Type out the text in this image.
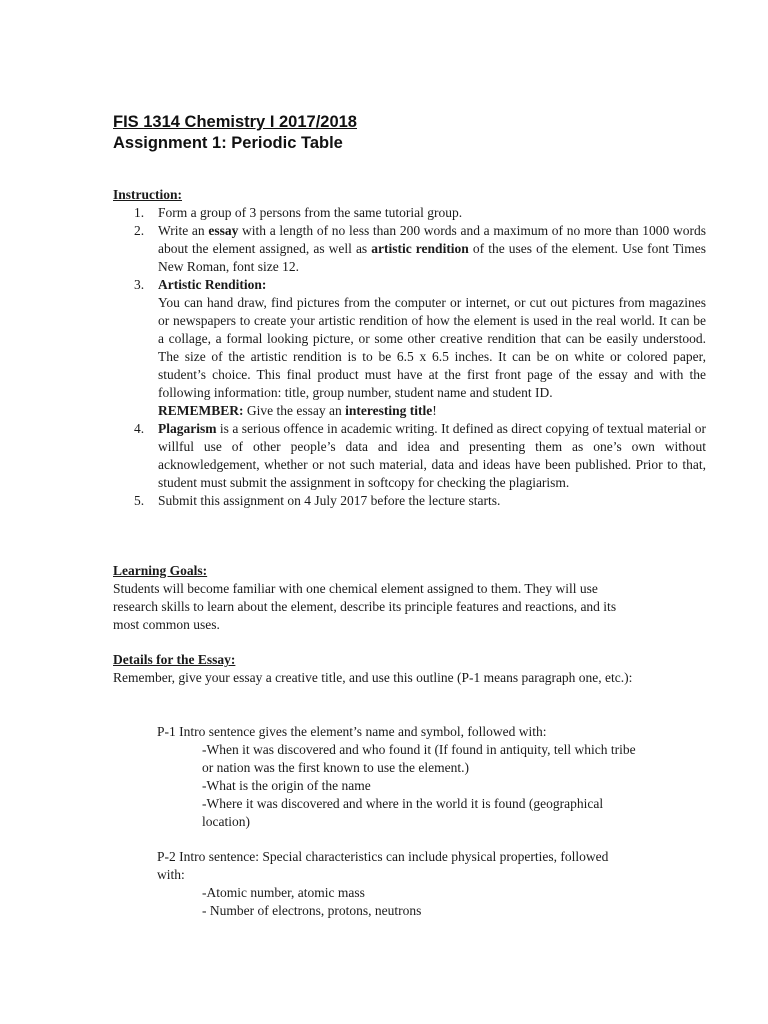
FIS 1314 Chemistry I 2017/2018
Assignment 1: Periodic Table
Instruction:
1. Form a group of 3 persons from the same tutorial group.
2. Write an essay with a length of no less than 200 words and a maximum of no more than 1000 words about the element assigned, as well as artistic rendition of the uses of the element. Use font Times New Roman, font size 12.
3. Artistic Rendition:
You can hand draw, find pictures from the computer or internet, or cut out pictures from magazines or newspapers to create your artistic rendition of how the element is used in the real world. It can be a collage, a formal looking picture, or some other creative rendition that can be easily understood. The size of the artistic rendition is to be 6.5 x 6.5 inches. It can be on white or colored paper, student’s choice. This final product must have at the first front page of the essay and with the following information: title, group number, student name and student ID.
REMEMBER: Give the essay an interesting title!
4. Plagarism is a serious offence in academic writing. It defined as direct copying of textual material or willful use of other people’s data and idea and presenting them as one’s own without acknowledgement, whether or not such material, data and ideas have been published. Prior to that, student must submit the assignment in softcopy for checking the plagiarism.
5. Submit this assignment on 4 July 2017 before the lecture starts.
Learning Goals:
Students will become familiar with one chemical element assigned to them. They will use research skills to learn about the element, describe its principle features and reactions, and its most common uses.
Details for the Essay:
Remember, give your essay a creative title, and use this outline (P-1 means paragraph one, etc.):
P-1 Intro sentence gives the element’s name and symbol, followed with:
-When it was discovered and who found it (If found in antiquity, tell which tribe or nation was the first known to use the element.)
-What is the origin of the name
-Where it was discovered and where in the world it is found (geographical location)
P-2 Intro sentence: Special characteristics can include physical properties, followed with:
-Atomic number, atomic mass
- Number of electrons, protons, neutrons
